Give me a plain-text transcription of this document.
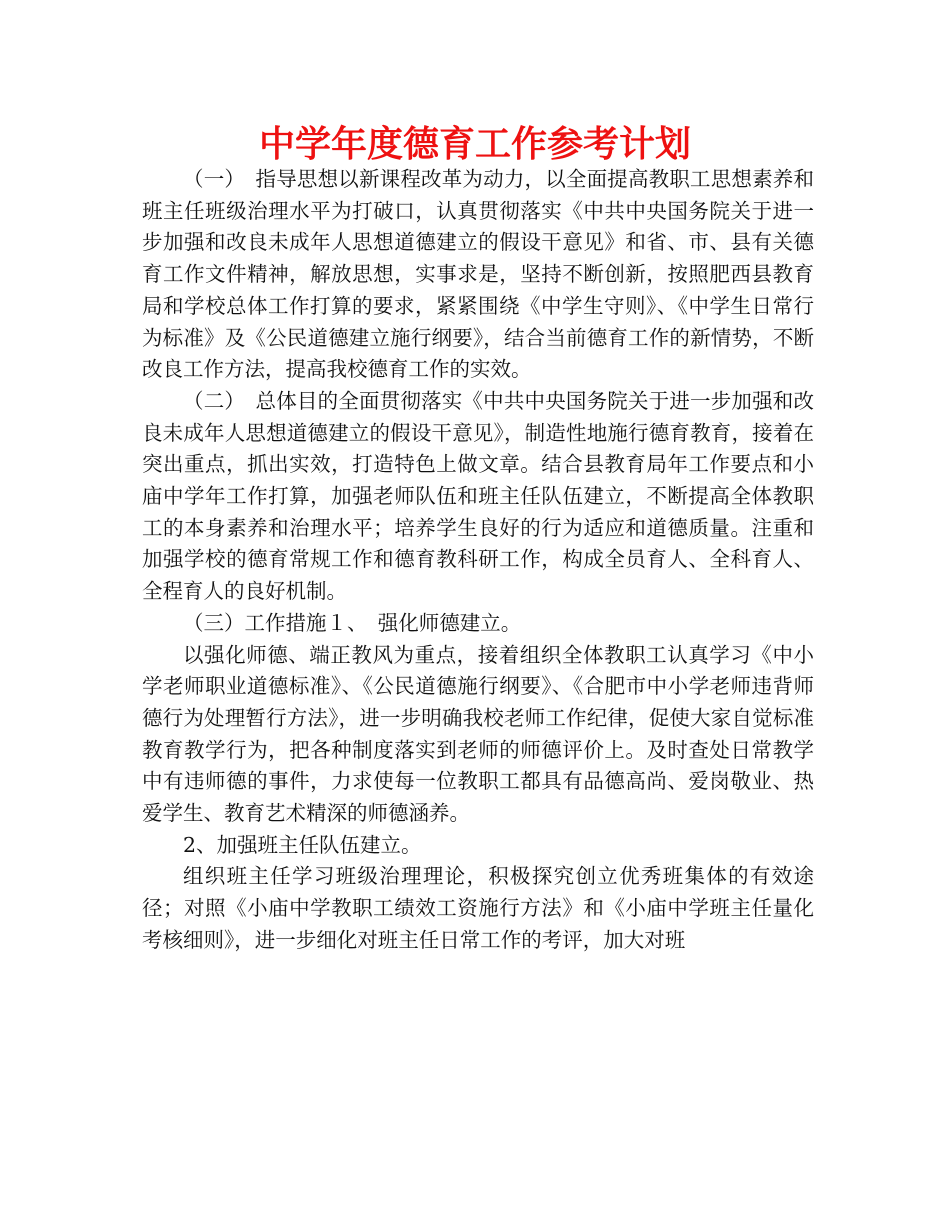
中学年度德育工作参考计划

（一）　指导思想以新课程改革为动力，以全面提高教职工思想素养和班主任班级治理水平为打破口，认真贯彻落实《中共中央国务院关于进一步加强和改良未成年人思想道德建立的假设干意见》和省、市、县有关德育工作文件精神，解放思想，实事求是，坚持不断创新，按照肥西县教育局和学校总体工作打算的要求，紧紧围绕《中学生守则》、《中学生日常行为标准》及《公民道德建立施行纲要》，结合当前德育工作的新情势，不断改良工作方法，提高我校德育工作的实效。

（二）　总体目的全面贯彻落实《中共中央国务院关于进一步加强和改良未成年人思想道德建立的假设干意见》，制造性地施行德育教育，接着在突出重点，抓出实效，打造特色上做文章。结合县教育局年工作要点和小庙中学年工作打算，加强老师队伍和班主任队伍建立，不断提高全体教职工的本身素养和治理水平；培养学生良好的行为适应和道德质量。注重和加强学校的德育常规工作和德育教科研工作，构成全员育人、全科育人、全程育人的良好机制。

（三）工作措施１、　强化师德建立。

以强化师德、端正教风为重点，接着组织全体教职工认真学习《中小学老师职业道德标准》、《公民道德施行纲要》、《合肥市中小学老师违背师德行为处理暂行方法》，进一步明确我校老师工作纪律，促使大家自觉标准教育教学行为，把各种制度落实到老师的师德评价上。及时查处日常教学中有违师德的事件，力求使每一位教职工都具有品德高尚、爱岗敬业、热爱学生、教育艺术精深的师德涵养。

2、加强班主任队伍建立。

组织班主任学习班级治理理论，积极探究创立优秀班集体的有效途径；对照《小庙中学教职工绩效工资施行方法》和《小庙中学班主任量化考核细则》，进一步细化对班主任日常工作的考评，加大对班
